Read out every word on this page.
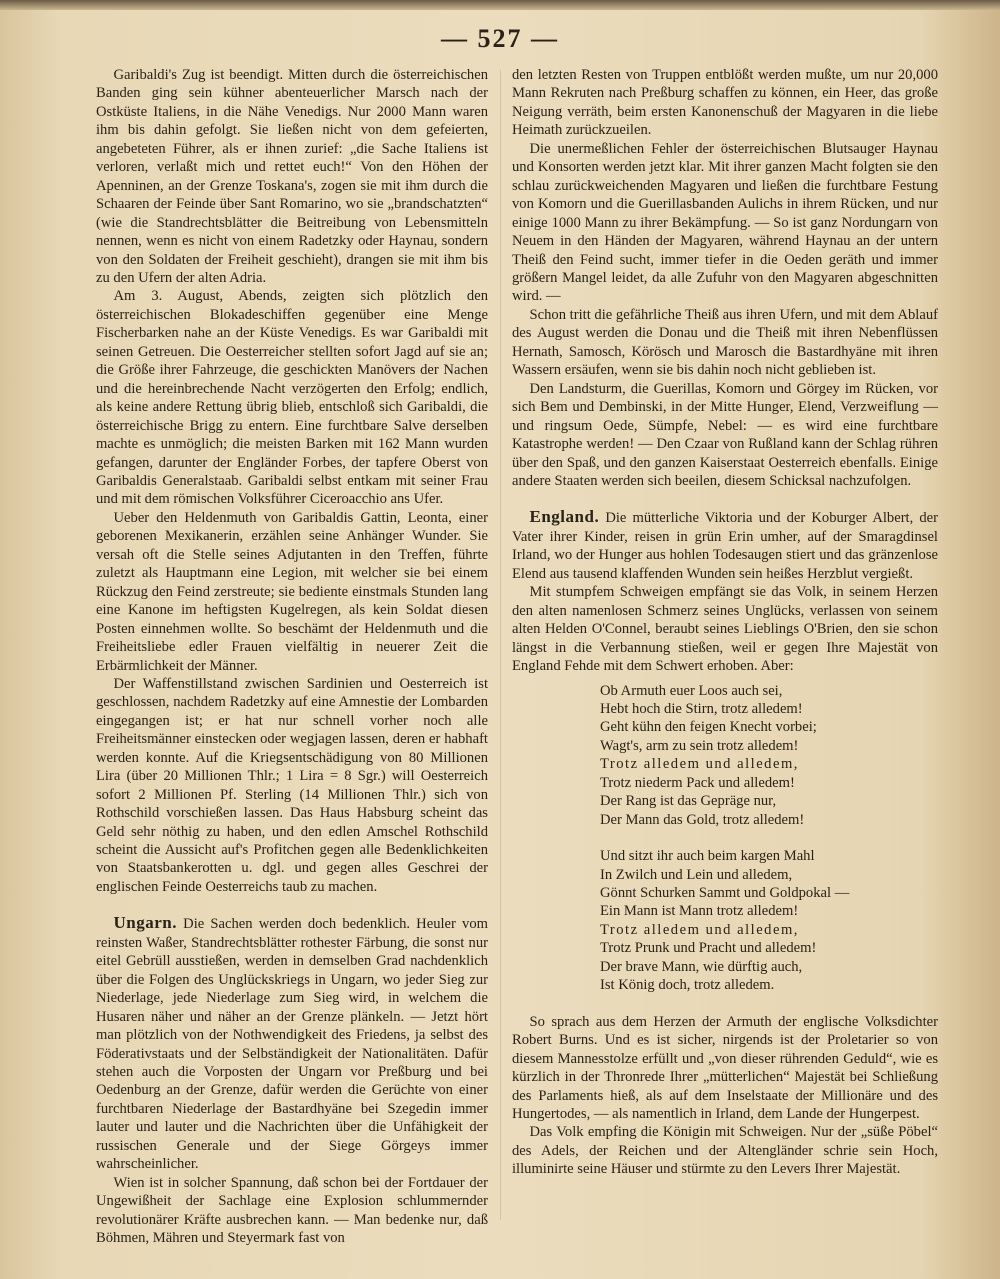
— 527 —

Garibaldi's Zug ist beendigt. Mitten durch die österreichischen Banden ging sein kühner abenteuerlicher Marsch nach der Ostküste Italiens, in die Nähe Venedigs. Nur 2000 Mann waren ihm bis dahin gefolgt. Sie ließen nicht von dem gefeierten, angebeteten Führer, als er ihnen zurief: „die Sache Italiens ist verloren, verlaßt mich und rettet euch!“ Von den Höhen der Apenninen, an der Grenze Toskana's, zogen sie mit ihm durch die Schaaren der Feinde über Sant Romarino, wo sie „brandschatzten“ (wie die Standrechtsblätter die Beitreibung von Lebensmitteln nennen, wenn es nicht von einem Radetzky oder Haynau, sondern von den Soldaten der Freiheit geschieht), drangen sie mit ihm bis zu den Ufern der alten Adria.

Am 3. August, Abends, zeigten sich plötzlich den österreichischen Blokadeschiffen gegenüber eine Menge Fischerbarken nahe an der Küste Venedigs. Es war Garibaldi mit seinen Getreuen. Die Oesterreicher stellten sofort Jagd auf sie an; die Größe ihrer Fahrzeuge, die geschickten Manövers der Nachen und die hereinbrechende Nacht verzögerten den Erfolg; endlich, als keine andere Rettung übrig blieb, entschloß sich Garibaldi, die österreichische Brigg zu entern. Eine furchtbare Salve derselben machte es unmöglich; die meisten Barken mit 162 Mann wurden gefangen, darunter der Engländer Forbes, der tapfere Oberst von Garibaldis Generalstaab. Garibaldi selbst entkam mit seiner Frau und mit dem römischen Volksführer Ciceroacchio ans Ufer.

Ueber den Heldenmuth von Garibaldis Gattin, Leonta, einer geborenen Mexikanerin, erzählen seine Anhänger Wunder. Sie versah oft die Stelle seines Adjutanten in den Treffen, führte zuletzt als Hauptmann eine Legion, mit welcher sie bei einem Rückzug den Feind zerstreute; sie bediente einstmals Stunden lang eine Kanone im heftigsten Kugelregen, als kein Soldat diesen Posten einnehmen wollte. So beschämt der Heldenmuth und die Freiheitsliebe edler Frauen vielfältig in neuerer Zeit die Erbärmlichkeit der Männer.

Der Waffenstillstand zwischen Sardinien und Oesterreich ist geschlossen, nachdem Radetzky auf eine Amnestie der Lombarden eingegangen ist; er hat nur schnell vorher noch alle Freiheitsmänner einstecken oder wegjagen lassen, deren er habhaft werden konnte. Auf die Kriegsentschädigung von 80 Millionen Lira (über 20 Millionen Thlr.; 1 Lira = 8 Sgr.) will Oesterreich sofort 2 Millionen Pf. Sterling (14 Millionen Thlr.) sich von Rothschild vorschießen lassen. Das Haus Habsburg scheint das Geld sehr nöthig zu haben, und den edlen Amschel Rothschild scheint die Aussicht auf's Profitchen gegen alle Bedenklichkeiten von Staatsbankerotten u. dgl. und gegen alles Geschrei der englischen Feinde Oesterreichs taub zu machen.

Ungarn. Die Sachen werden doch bedenklich. Heuler vom reinsten Waßer, Standrechtsblätter rothester Färbung, die sonst nur eitel Gebrüll ausstießen, werden in demselben Grad nachdenklich über die Folgen des Unglückskriegs in Ungarn, wo jeder Sieg zur Niederlage, jede Niederlage zum Sieg wird, in welchem die Husaren näher und näher an der Grenze plänkeln. — Jetzt hört man plötzlich von der Nothwendigkeit des Friedens, ja selbst des Föderativstaats und der Selbständigkeit der Nationalitäten. Dafür stehen auch die Vorposten der Ungarn vor Preßburg und bei Oedenburg an der Grenze, dafür werden die Gerüchte von einer furchtbaren Niederlage der Bastardhyäne bei Szegedin immer lauter und lauter und die Nachrichten über die Unfähigkeit der russischen Generale und der Siege Görgeys immer wahrscheinlicher.

Wien ist in solcher Spannung, daß schon bei der Fortdauer der Ungewißheit der Sachlage eine Explosion schlummernder revolutionärer Kräfte ausbrechen kann. — Man bedenke nur, daß Böhmen, Mähren und Steyermark fast von

den letzten Resten von Truppen entblößt werden mußte, um nur 20,000 Mann Rekruten nach Preßburg schaffen zu können, ein Heer, das große Neigung verräth, beim ersten Kanonenschuß der Magyaren in die liebe Heimath zurückzueilen.

Die unermeßlichen Fehler der österreichischen Blutsauger Haynau und Konsorten werden jetzt klar. Mit ihrer ganzen Macht folgten sie den schlau zurückweichenden Magyaren und ließen die furchtbare Festung von Komorn und die Guerillasbanden Aulichs in ihrem Rücken, und nur einige 1000 Mann zu ihrer Bekämpfung. — So ist ganz Nordungarn von Neuem in den Händen der Magyaren, während Haynau an der untern Theiß den Feind sucht, immer tiefer in die Oeden geräth und immer größern Mangel leidet, da alle Zufuhr von den Magyaren abgeschnitten wird. —

Schon tritt die gefährliche Theiß aus ihren Ufern, und mit dem Ablauf des August werden die Donau und die Theiß mit ihren Nebenflüssen Hernath, Samosch, Körösch und Marosch die Bastardhyäne mit ihren Wassern ersäufen, wenn sie bis dahin noch nicht geblieben ist.

Den Landsturm, die Guerillas, Komorn und Görgey im Rücken, vor sich Bem und Dembinski, in der Mitte Hunger, Elend, Verzweiflung — und ringsum Oede, Sümpfe, Nebel: — es wird eine furchtbare Katastrophe werden! — Den Czaar von Rußland kann der Schlag rühren über den Spaß, und den ganzen Kaiserstaat Oesterreich ebenfalls. Einige andere Staaten werden sich beeilen, diesem Schicksal nachzufolgen.

England. Die mütterliche Viktoria und der Koburger Albert, der Vater ihrer Kinder, reisen in grün Erin umher, auf der Smaragdinsel Irland, wo der Hunger aus hohlen Todesaugen stiert und das gränzenlose Elend aus tausend klaffenden Wunden sein heißes Herzblut vergießt.

Mit stumpfem Schweigen empfängt sie das Volk, in seinem Herzen den alten namenlosen Schmerz seines Unglücks, verlassen von seinem alten Helden O'Connel, beraubt seines Lieblings O'Brien, den sie schon längst in die Verbannung stießen, weil er gegen Ihre Majestät von England Fehde mit dem Schwert erhoben. Aber:

Ob Armuth euer Loos auch sei,
Hebt hoch die Stirn, trotz alledem!
Geht kühn den feigen Knecht vorbei;
Wagt's, arm zu sein trotz alledem!
Trotz alledem und alledem,
Trotz niederm Pack und alledem!
Der Rang ist das Gepräge nur,
Der Mann das Gold, trotz alledem!
Und sitzt ihr auch beim kargen Mahl
In Zwilch und Lein und alledem,
Gönnt Schurken Sammt und Goldpokal —
Ein Mann ist Mann trotz alledem!
Trotz alledem und alledem,
Trotz Prunk und Pracht und alledem!
Der brave Mann, wie dürftig auch,
Ist König doch, trotz alledem.

So sprach aus dem Herzen der Armuth der englische Volksdichter Robert Burns. Und es ist sicher, nirgends ist der Proletarier so von diesem Mannesstolze erfüllt und „von dieser rührenden Geduld“, wie es kürzlich in der Thronrede Ihrer „mütterlichen“ Majestät bei Schließung des Parlaments hieß, als auf dem Inselstaate der Millionäre und des Hungertodes, — als namentlich in Irland, dem Lande der Hungerpest.

Das Volk empfing die Königin mit Schweigen. Nur der „süße Pöbel“ des Adels, der Reichen und der Altengländer schrie sein Hoch, illuminirte seine Häuser und stürmte zu den Levers Ihrer Majestät.
